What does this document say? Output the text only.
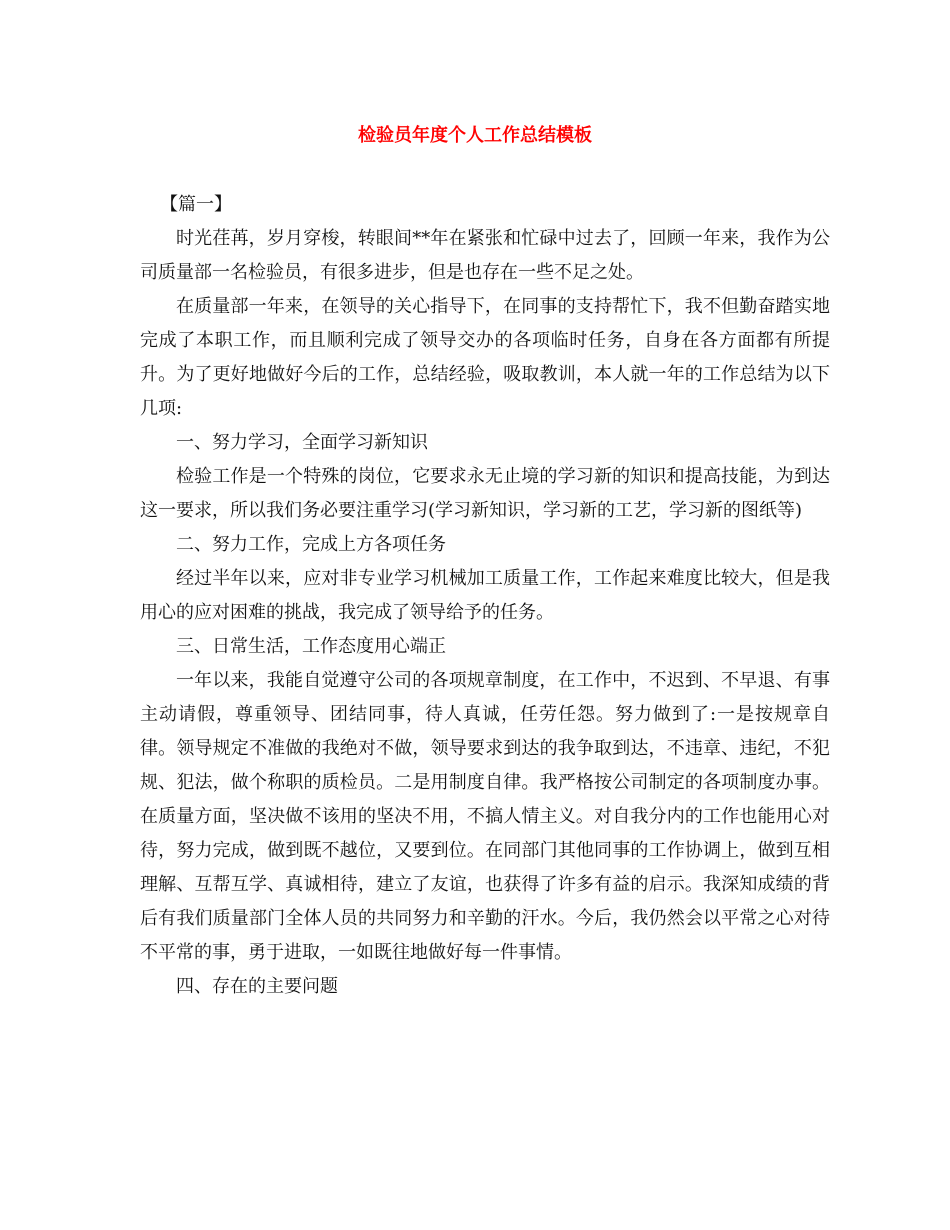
检验员年度个人工作总结模板

【篇一】

时光荏苒，岁月穿梭，转眼间**年在紧张和忙碌中过去了，回顾一年来，我作为公司质量部一名检验员，有很多进步，但是也存在一些不足之处。

在质量部一年来，在领导的关心指导下，在同事的支持帮忙下，我不但勤奋踏实地完成了本职工作，而且顺利完成了领导交办的各项临时任务，自身在各方面都有所提升。为了更好地做好今后的工作，总结经验，吸取教训，本人就一年的工作总结为以下几项:

一、努力学习，全面学习新知识

检验工作是一个特殊的岗位，它要求永无止境的学习新的知识和提高技能，为到达这一要求，所以我们务必要注重学习(学习新知识，学习新的工艺，学习新的图纸等)

二、努力工作，完成上方各项任务

经过半年以来，应对非专业学习机械加工质量工作，工作起来难度比较大，但是我用心的应对困难的挑战，我完成了领导给予的任务。

三、日常生活，工作态度用心端正

一年以来，我能自觉遵守公司的各项规章制度，在工作中，不迟到、不早退、有事主动请假，尊重领导、团结同事，待人真诚，任劳任怨。努力做到了:一是按规章自律。领导规定不准做的我绝对不做，领导要求到达的我争取到达，不违章、违纪，不犯规、犯法，做个称职的质检员。二是用制度自律。我严格按公司制定的各项制度办事。在质量方面，坚决做不该用的坚决不用，不搞人情主义。对自我分内的工作也能用心对待，努力完成，做到既不越位，又要到位。在同部门其他同事的工作协调上，做到互相理解、互帮互学、真诚相待，建立了友谊，也获得了许多有益的启示。我深知成绩的背后有我们质量部门全体人员的共同努力和辛勤的汗水。今后，我仍然会以平常之心对待不平常的事，勇于进取，一如既往地做好每一件事情。

四、存在的主要问题
